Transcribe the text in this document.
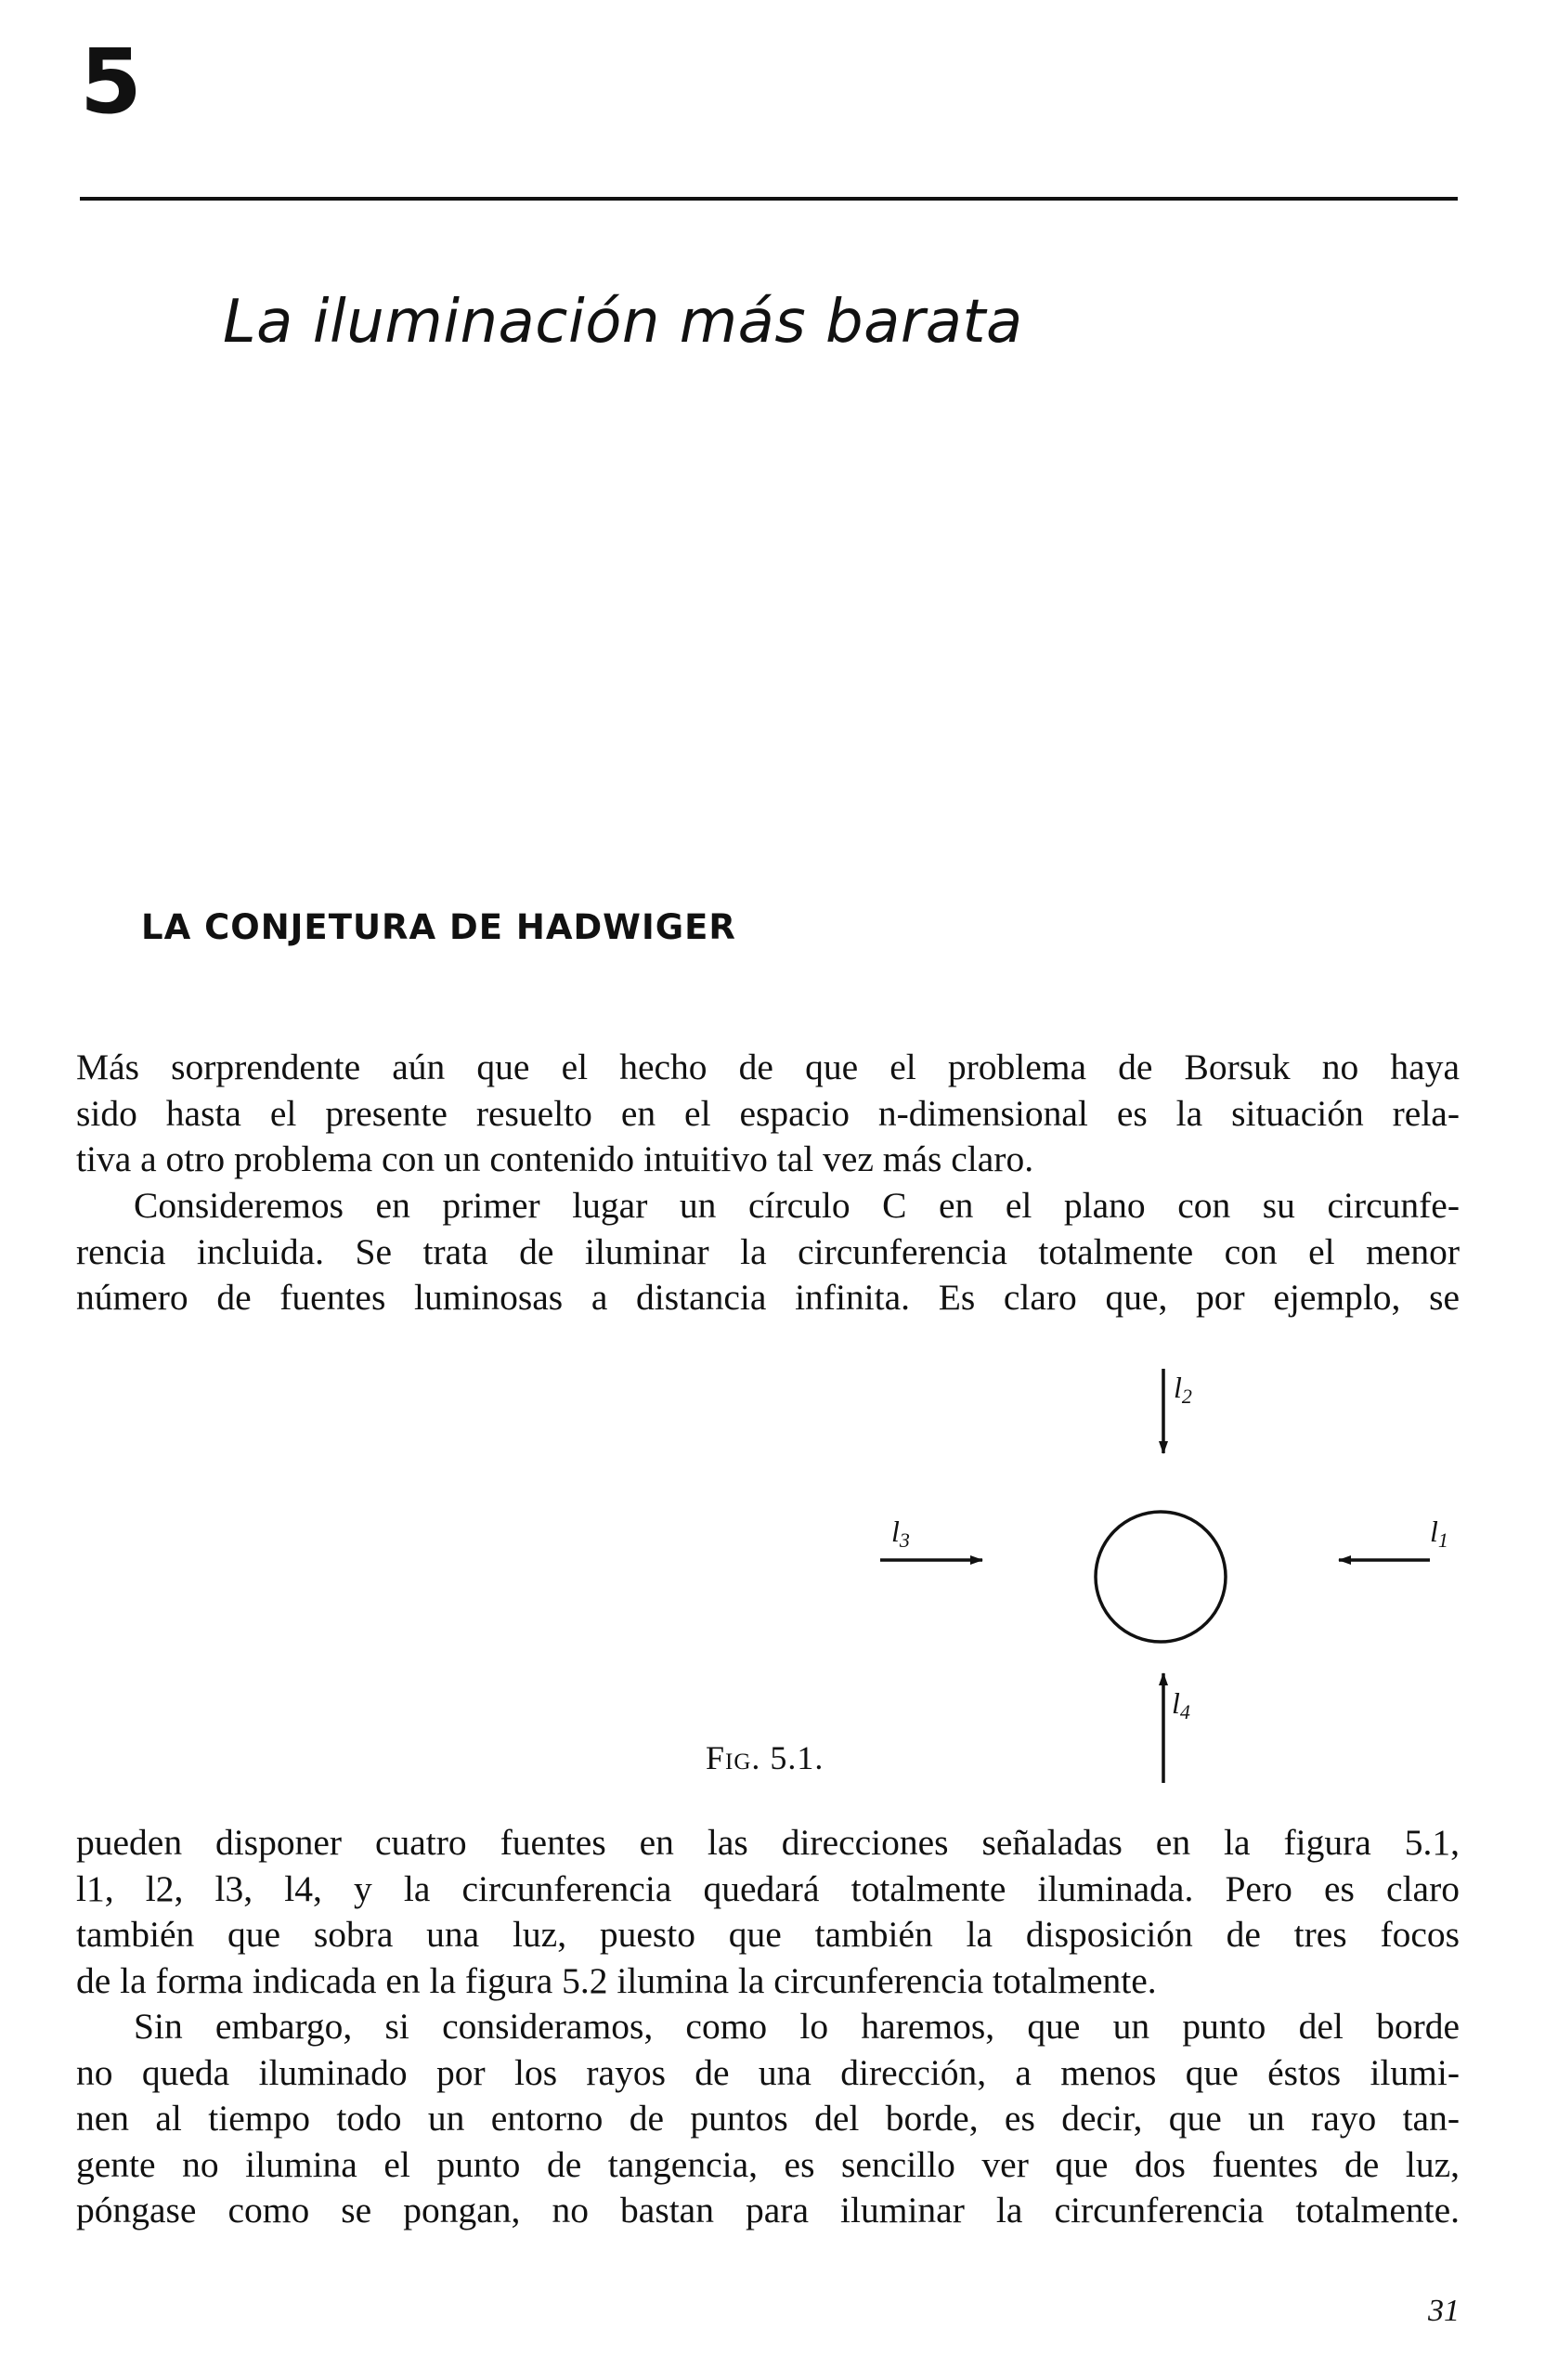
5
La iluminación más barata
LA CONJETURA DE HADWIGER
Más sorprendente aún que el hecho de que el problema de Borsuk no haya
sido hasta el presente resuelto en el espacio n-dimensional es la situación rela-
tiva a otro problema con un contenido intuitivo tal vez más claro.
Consideremos en primer lugar un círculo C en el plano con su circunfe-
rencia incluida. Se trata de iluminar la circunferencia totalmente con el menor
número de fuentes luminosas a distancia infinita. Es claro que, por ejemplo, se
l2
l3	l1
l4
Fig. 5.1.
pueden disponer cuatro fuentes en las direcciones señaladas en la figura 5.1,
l1, l2, l3, l4, y la circunferencia quedará totalmente iluminada. Pero es claro
también que sobra una luz, puesto que también la disposición de tres focos
de la forma indicada en la figura 5.2 ilumina la circunferencia totalmente.
Sin embargo, si consideramos, como lo haremos, que un punto del borde
no queda iluminado por los rayos de una dirección, a menos que éstos ilumi-
nen al tiempo todo un entorno de puntos del borde, es decir, que un rayo tan-
gente no ilumina el punto de tangencia, es sencillo ver que dos fuentes de luz,
póngase como se pongan, no bastan para iluminar la circunferencia totalmente.
31
